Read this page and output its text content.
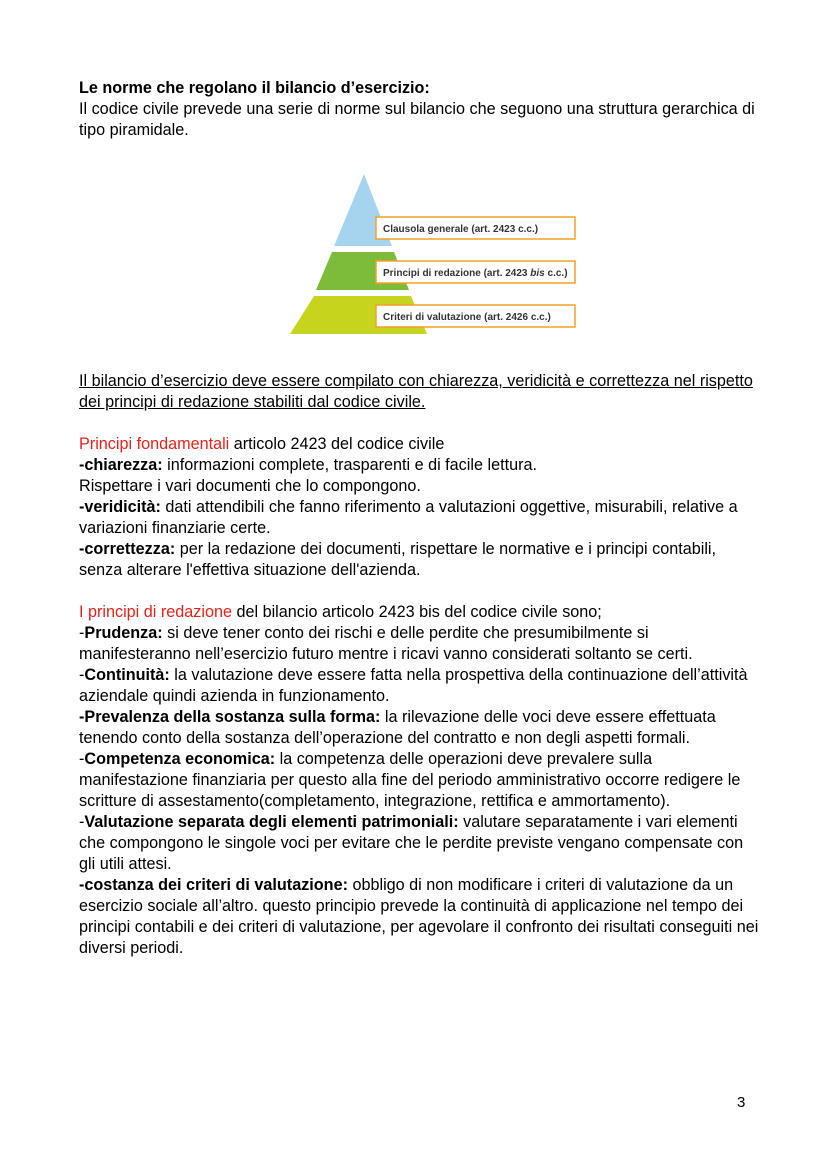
Le norme che regolano il bilancio d’esercizio:

Il codice civile prevede una serie di norme sul bilancio che seguono una struttura gerarchica di tipo piramidale.

Il bilancio d’esercizio deve essere compilato con chiarezza, veridicità e correttezza nel rispetto dei principi di redazione stabiliti dal codice civile.

Principi fondamentali articolo 2423 del codice civile

-chiarezza: informazioni complete, trasparenti e di facile lettura.

Rispettare i vari documenti che lo compongono.

-veridicità: dati attendibili che fanno riferimento a valutazioni oggettive, misurabili, relative a variazioni finanziarie certe.

-correttezza: per la redazione dei documenti, rispettare le normative e i principi contabili, senza alterare l'effettiva situazione dell'azienda.

I principi di redazione del bilancio articolo 2423 bis del codice civile sono;

-Prudenza: si deve tener conto dei rischi e delle perdite che presumibilmente si manifesteranno nell’esercizio futuro mentre i ricavi vanno considerati soltanto se certi.

-Continuità: la valutazione deve essere fatta nella prospettiva della continuazione dell’attività aziendale quindi azienda in funzionamento.

-Prevalenza della sostanza sulla forma: la rilevazione delle voci deve essere effettuata tenendo conto della sostanza dell’operazione del contratto e non degli aspetti formali.

-Competenza economica: la competenza delle operazioni deve prevalere sulla manifestazione finanziaria per questo alla fine del periodo amministrativo occorre redigere le scritture di assestamento(completamento, integrazione, rettifica e ammortamento).

-Valutazione separata degli elementi patrimoniali: valutare separatamente i vari elementi che compongono le singole voci per evitare che le perdite previste vengano compensate con gli utili attesi.

-costanza dei criteri di valutazione: obbligo di non modificare i criteri di valutazione da un esercizio sociale all’altro. questo principio prevede la continuità di applicazione nel tempo dei principi contabili e dei criteri di valutazione, per agevolare il confronto dei risultati conseguiti nei diversi periodi.

Clausola generale (art. 2423 c.c.)
Principi di redazione (art. 2423 bis c.c.)
Criteri di valutazione (art. 2426 c.c.)
3
